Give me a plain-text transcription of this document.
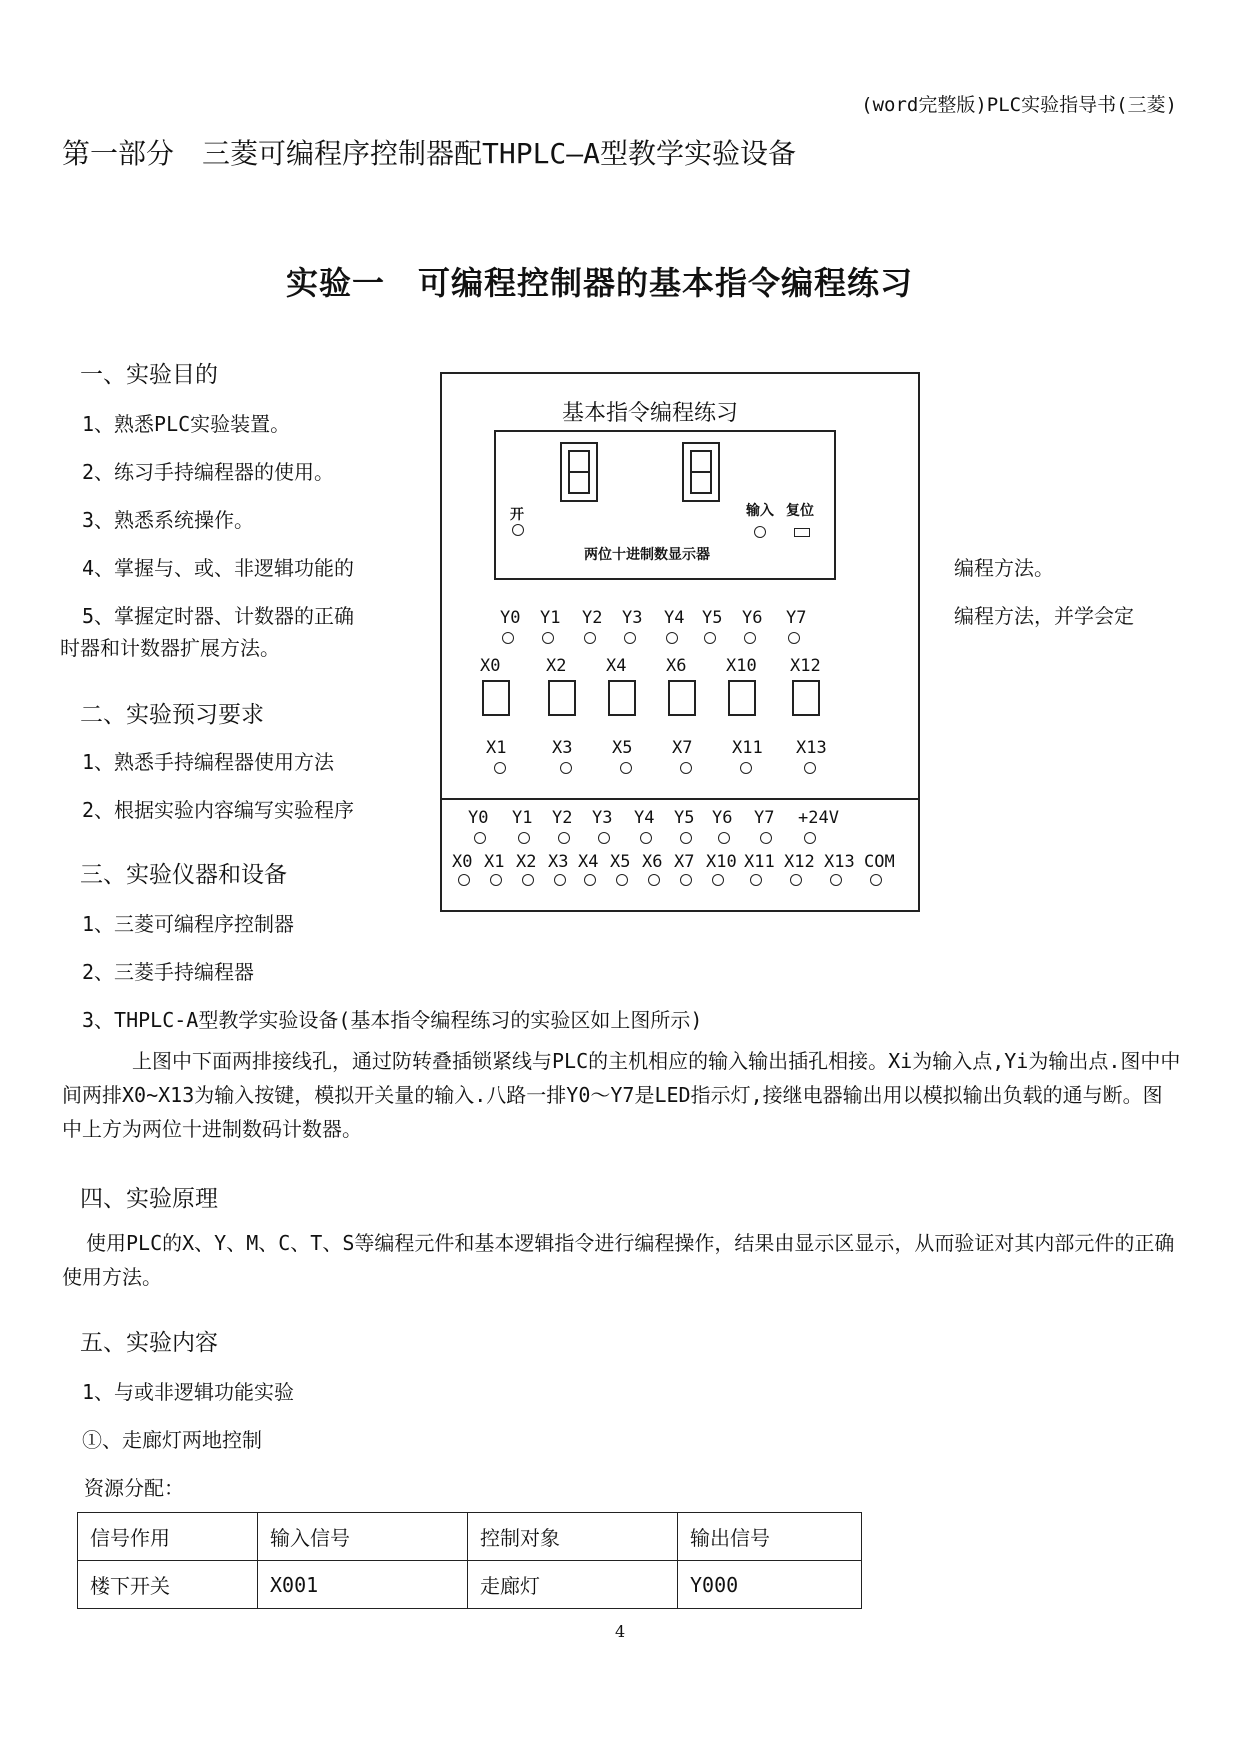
(word完整版)PLC实验指导书(三菱)
第一部分　三菱可编程序控制器配THPLC—A型教学实验设备
实验一　可编程控制器的基本指令编程练习
一、实验目的
1、熟悉PLC实验装置。
2、练习手持编程器的使用。
3、熟悉系统操作。
4、掌握与、或、非逻辑功能的	编程方法。
5、掌握定时器、计数器的正确	编程方法，并学会定
时器和计数器扩展方法。
二、实验预习要求
1、熟悉手持编程器使用方法
2、根据实验内容编写实验程序
三、实验仪器和设备
1、三菱可编程序控制器
2、三菱手持编程器
3、THPLC-A型教学实验设备(基本指令编程练习的实验区如上图所示)
上图中下面两排接线孔，通过防转叠插锁紧线与PLC的主机相应的输入输出插孔相接。Xi为输入点,Yi为输出点.图中中间两排X0~X13为输入按键，模拟开关量的输入.八路一排Y0～Y7是LED指示灯,接继电器输出用以模拟输出负载的通与断。图中上方为两位十进制数码计数器。
四、实验原理
使用PLC的X、Y、M、C、T、S等编程元件和基本逻辑指令进行编程操作，结果由显示区显示，从而验证对其内部元件的正确使用方法。
五、实验内容
1、与或非逻辑功能实验
①、走廊灯两地控制
资源分配：
信号作用	输入信号	控制对象	输出信号
楼下开关	X001	走廊灯	Y000
4
基本指令编程练习
开	输入 复位
两位十进制数显示器
Y0 Y1 Y2 Y3 Y4 Y5 Y6 Y7
X0	X2 X4 X6 X10 X12
X1	X3 X5 X7 X11 X13
Y0 Y1 Y2 Y3 Y4 Y5 Y6 Y7 +24V
X0 X1 X2 X3 X4 X5 X6 X7 X10 X11 X12 X13 COM
